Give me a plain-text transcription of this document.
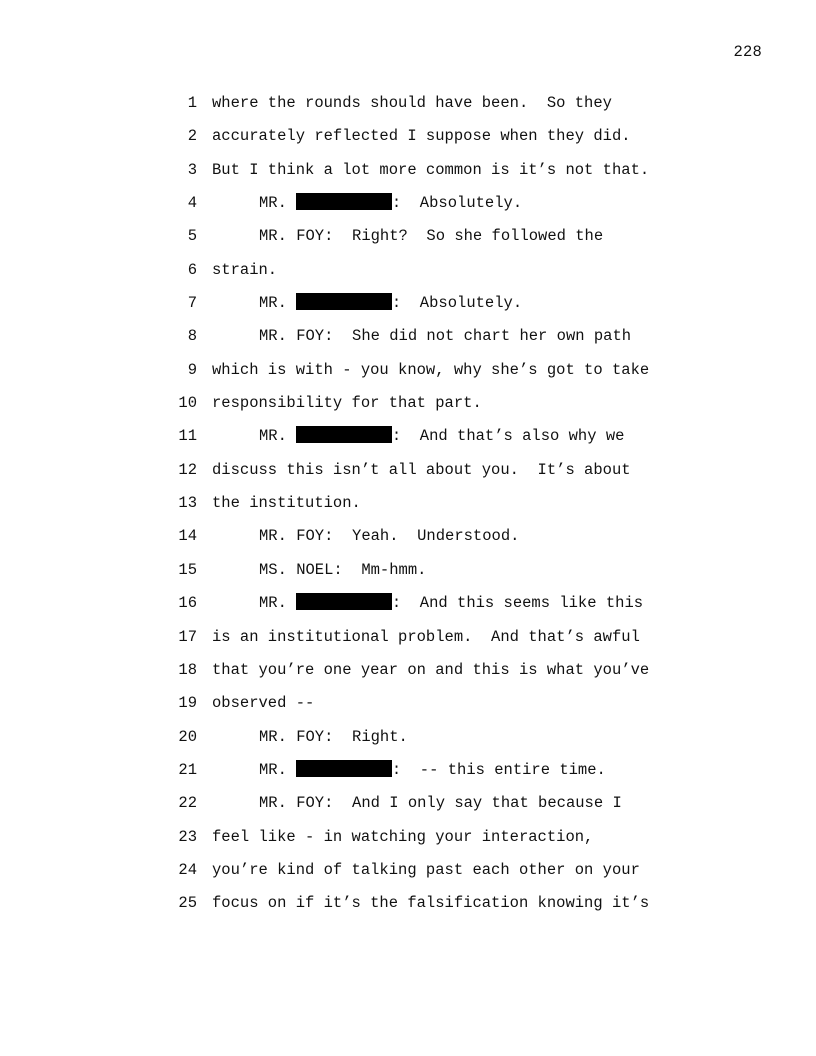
228
1 where the rounds should have been.  So they
2 accurately reflected I suppose when they did.
3 But I think a lot more common is it’s not that.
4	MR.	:  Absolutely.
5	MR. FOY:  Right?  So she followed the
6 strain.
7	MR.	:  Absolutely.
8	MR. FOY:  She did not chart her own path
9 which is with - you know, why she’s got to take
10 responsibility for that part.
11	MR.	:  And that’s also why we
12 discuss this isn’t all about you.  It’s about
13 the institution.
14	MR. FOY:  Yeah.  Understood.
15	MS. NOEL:  Mm-hmm.
16	MR.	:  And this seems like this
17 is an institutional problem.  And that’s awful
18 that you’re one year on and this is what you’ve
19 observed --
20	MR. FOY:  Right.
21	MR.	:  -- this entire time.
22	MR. FOY:  And I only say that because I
23 feel like - in watching your interaction,
24 you’re kind of talking past each other on your
25 focus on if it’s the falsification knowing it’s
